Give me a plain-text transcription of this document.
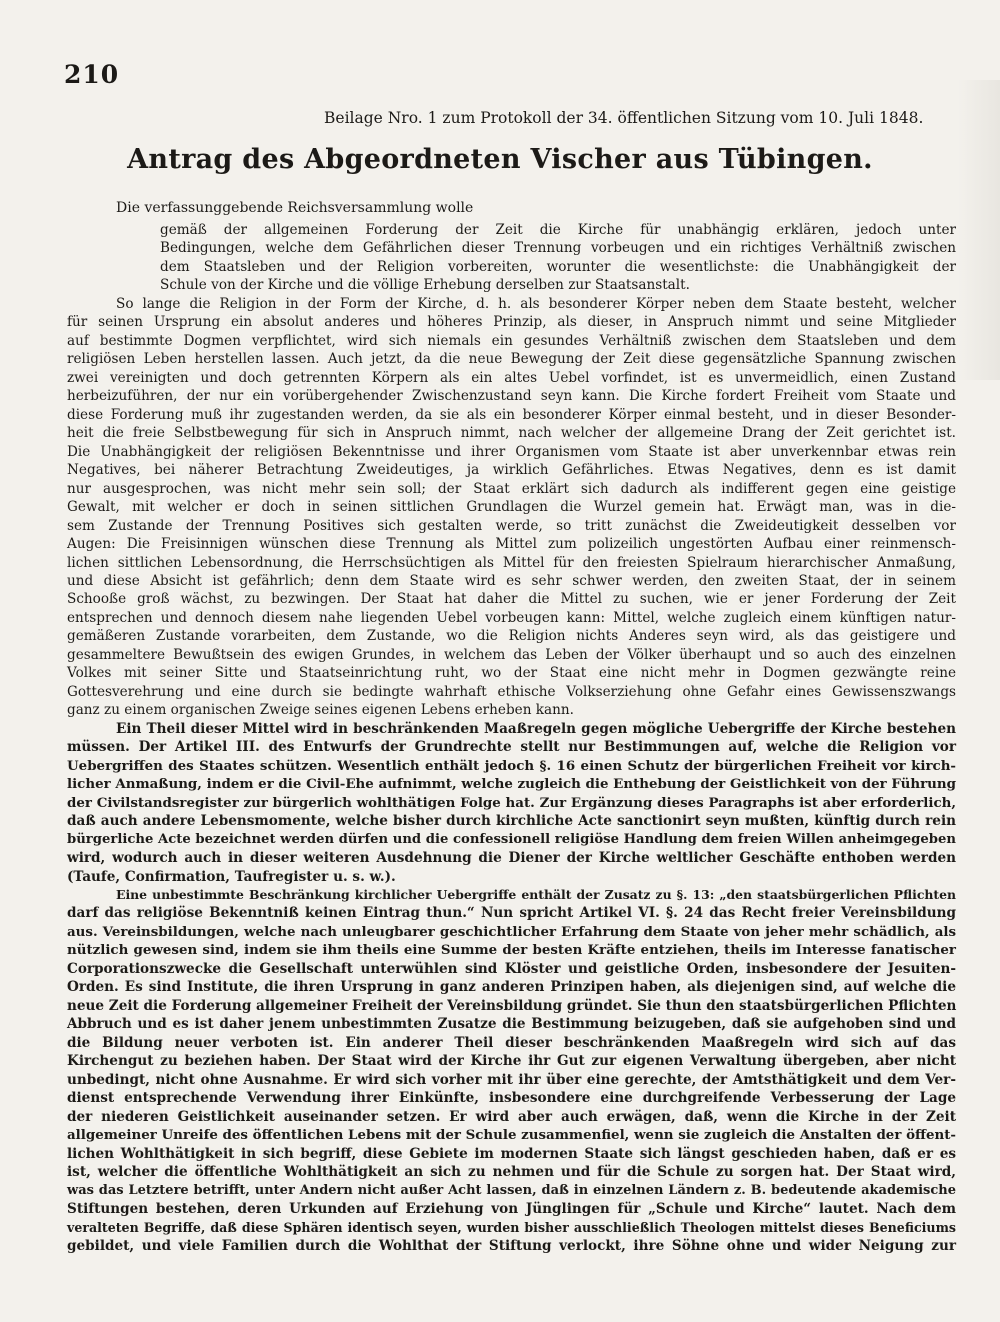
210
Beilage Nro. 1 zum Protokoll der 34. öffentlichen Sitzung vom 10. Juli 1848.
Antrag des Abgeordneten Vischer aus Tübingen.
Die verfassunggebende Reichsversammlung wolle
gemäß der allgemeinen Forderung der Zeit die Kirche für unabhängig erklären, jedoch unter
Bedingungen, welche dem Gefährlichen dieser Trennung vorbeugen und ein richtiges Verhältniß zwischen
dem Staatsleben und der Religion vorbereiten, worunter die wesentlichste: die Unabhängigkeit der
Schule von der Kirche und die völlige Erhebung derselben zur Staatsanstalt.
So lange die Religion in der Form der Kirche, d. h. als besonderer Körper neben dem Staate besteht, welcher
für seinen Ursprung ein absolut anderes und höheres Prinzip, als dieser, in Anspruch nimmt und seine Mitglieder
auf bestimmte Dogmen verpflichtet, wird sich niemals ein gesundes Verhältniß zwischen dem Staatsleben und dem
religiösen Leben herstellen lassen. Auch jetzt, da die neue Bewegung der Zeit diese gegensätzliche Spannung zwischen
zwei vereinigten und doch getrennten Körpern als ein altes Uebel vorfindet, ist es unvermeidlich, einen Zustand
herbeizuführen, der nur ein vorübergehender Zwischenzustand seyn kann. Die Kirche fordert Freiheit vom Staate und
diese Forderung muß ihr zugestanden werden, da sie als ein besonderer Körper einmal besteht, und in dieser Besonder-
heit die freie Selbstbewegung für sich in Anspruch nimmt, nach welcher der allgemeine Drang der Zeit gerichtet ist.
Die Unabhängigkeit der religiösen Bekenntnisse und ihrer Organismen vom Staate ist aber unverkennbar etwas rein
Negatives, bei näherer Betrachtung Zweideutiges, ja wirklich Gefährliches. Etwas Negatives, denn es ist damit
nur ausgesprochen, was nicht mehr sein soll; der Staat erklärt sich dadurch als indifferent gegen eine geistige
Gewalt, mit welcher er doch in seinen sittlichen Grundlagen die Wurzel gemein hat. Erwägt man, was in die-
sem Zustande der Trennung Positives sich gestalten werde, so tritt zunächst die Zweideutigkeit desselben vor
Augen: Die Freisinnigen wünschen diese Trennung als Mittel zum polizeilich ungestörten Aufbau einer reinmensch-
lichen sittlichen Lebensordnung, die Herrschsüchtigen als Mittel für den freiesten Spielraum hierarchischer Anmaßung,
und diese Absicht ist gefährlich; denn dem Staate wird es sehr schwer werden, den zweiten Staat, der in seinem
Schooße groß wächst, zu bezwingen. Der Staat hat daher die Mittel zu suchen, wie er jener Forderung der Zeit
entsprechen und dennoch diesem nahe liegenden Uebel vorbeugen kann: Mittel, welche zugleich einem künftigen natur-
gemäßeren Zustande vorarbeiten, dem Zustande, wo die Religion nichts Anderes seyn wird, als das geistigere und
gesammeltere Bewußtsein des ewigen Grundes, in welchem das Leben der Völker überhaupt und so auch des einzelnen
Volkes mit seiner Sitte und Staatseinrichtung ruht, wo der Staat eine nicht mehr in Dogmen gezwängte reine
Gottesverehrung und eine durch sie bedingte wahrhaft ethische Volkserziehung ohne Gefahr eines Gewissenszwangs
ganz zu einem organischen Zweige seines eigenen Lebens erheben kann.
Ein Theil dieser Mittel wird in beschränkenden Maaßregeln gegen mögliche Uebergriffe der Kirche bestehen
müssen. Der Artikel III. des Entwurfs der Grundrechte stellt nur Bestimmungen auf, welche die Religion vor
Uebergriffen des Staates schützen. Wesentlich enthält jedoch §. 16 einen Schutz der bürgerlichen Freiheit vor kirch-
licher Anmaßung, indem er die Civil-Ehe aufnimmt, welche zugleich die Enthebung der Geistlichkeit von der Führung
der Civilstandsregister zur bürgerlich wohlthätigen Folge hat. Zur Ergänzung dieses Paragraphs ist aber erforderlich,
daß auch andere Lebensmomente, welche bisher durch kirchliche Acte sanctionirt seyn mußten, künftig durch rein
bürgerliche Acte bezeichnet werden dürfen und die confessionell religiöse Handlung dem freien Willen anheimgegeben
wird, wodurch auch in dieser weiteren Ausdehnung die Diener der Kirche weltlicher Geschäfte enthoben werden
(Taufe, Confirmation, Taufregister u. s. w.).
Eine unbestimmte Beschränkung kirchlicher Uebergriffe enthält der Zusatz zu §. 13: „den staatsbürgerlichen Pflichten
darf das religiöse Bekenntniß keinen Eintrag thun.“ Nun spricht Artikel VI. §. 24 das Recht freier Vereinsbildung
aus. Vereinsbildungen, welche nach unleugbarer geschichtlicher Erfahrung dem Staate von jeher mehr schädlich, als
nützlich gewesen sind, indem sie ihm theils eine Summe der besten Kräfte entziehen, theils im Interesse fanatischer
Corporationszwecke die Gesellschaft unterwühlen sind Klöster und geistliche Orden, insbesondere der Jesuiten-
Orden. Es sind Institute, die ihren Ursprung in ganz anderen Prinzipen haben, als diejenigen sind, auf welche die
neue Zeit die Forderung allgemeiner Freiheit der Vereinsbildung gründet. Sie thun den staatsbürgerlichen Pflichten
Abbruch und es ist daher jenem unbestimmten Zusatze die Bestimmung beizugeben, daß sie aufgehoben sind und
die Bildung neuer verboten ist. Ein anderer Theil dieser beschränkenden Maaßregeln wird sich auf das
Kirchengut zu beziehen haben. Der Staat wird der Kirche ihr Gut zur eigenen Verwaltung übergeben, aber nicht
unbedingt, nicht ohne Ausnahme. Er wird sich vorher mit ihr über eine gerechte, der Amtsthätigkeit und dem Ver-
dienst entsprechende Verwendung ihrer Einkünfte, insbesondere eine durchgreifende Verbesserung der Lage
der niederen Geistlichkeit auseinander setzen. Er wird aber auch erwägen, daß, wenn die Kirche in der Zeit
allgemeiner Unreife des öffentlichen Lebens mit der Schule zusammenfiel, wenn sie zugleich die Anstalten der öffent-
lichen Wohlthätigkeit in sich begriff, diese Gebiete im modernen Staate sich längst geschieden haben, daß er es
ist, welcher die öffentliche Wohlthätigkeit an sich zu nehmen und für die Schule zu sorgen hat. Der Staat wird,
was das Letztere betrifft, unter Andern nicht außer Acht lassen, daß in einzelnen Ländern z. B. bedeutende akademische
Stiftungen bestehen, deren Urkunden auf Erziehung von Jünglingen für „Schule und Kirche“ lautet. Nach dem
veralteten Begriffe, daß diese Sphären identisch seyen, wurden bisher ausschließlich Theologen mittelst dieses Beneficiums
gebildet, und viele Familien durch die Wohlthat der Stiftung verlockt, ihre Söhne ohne und wider Neigung zur
